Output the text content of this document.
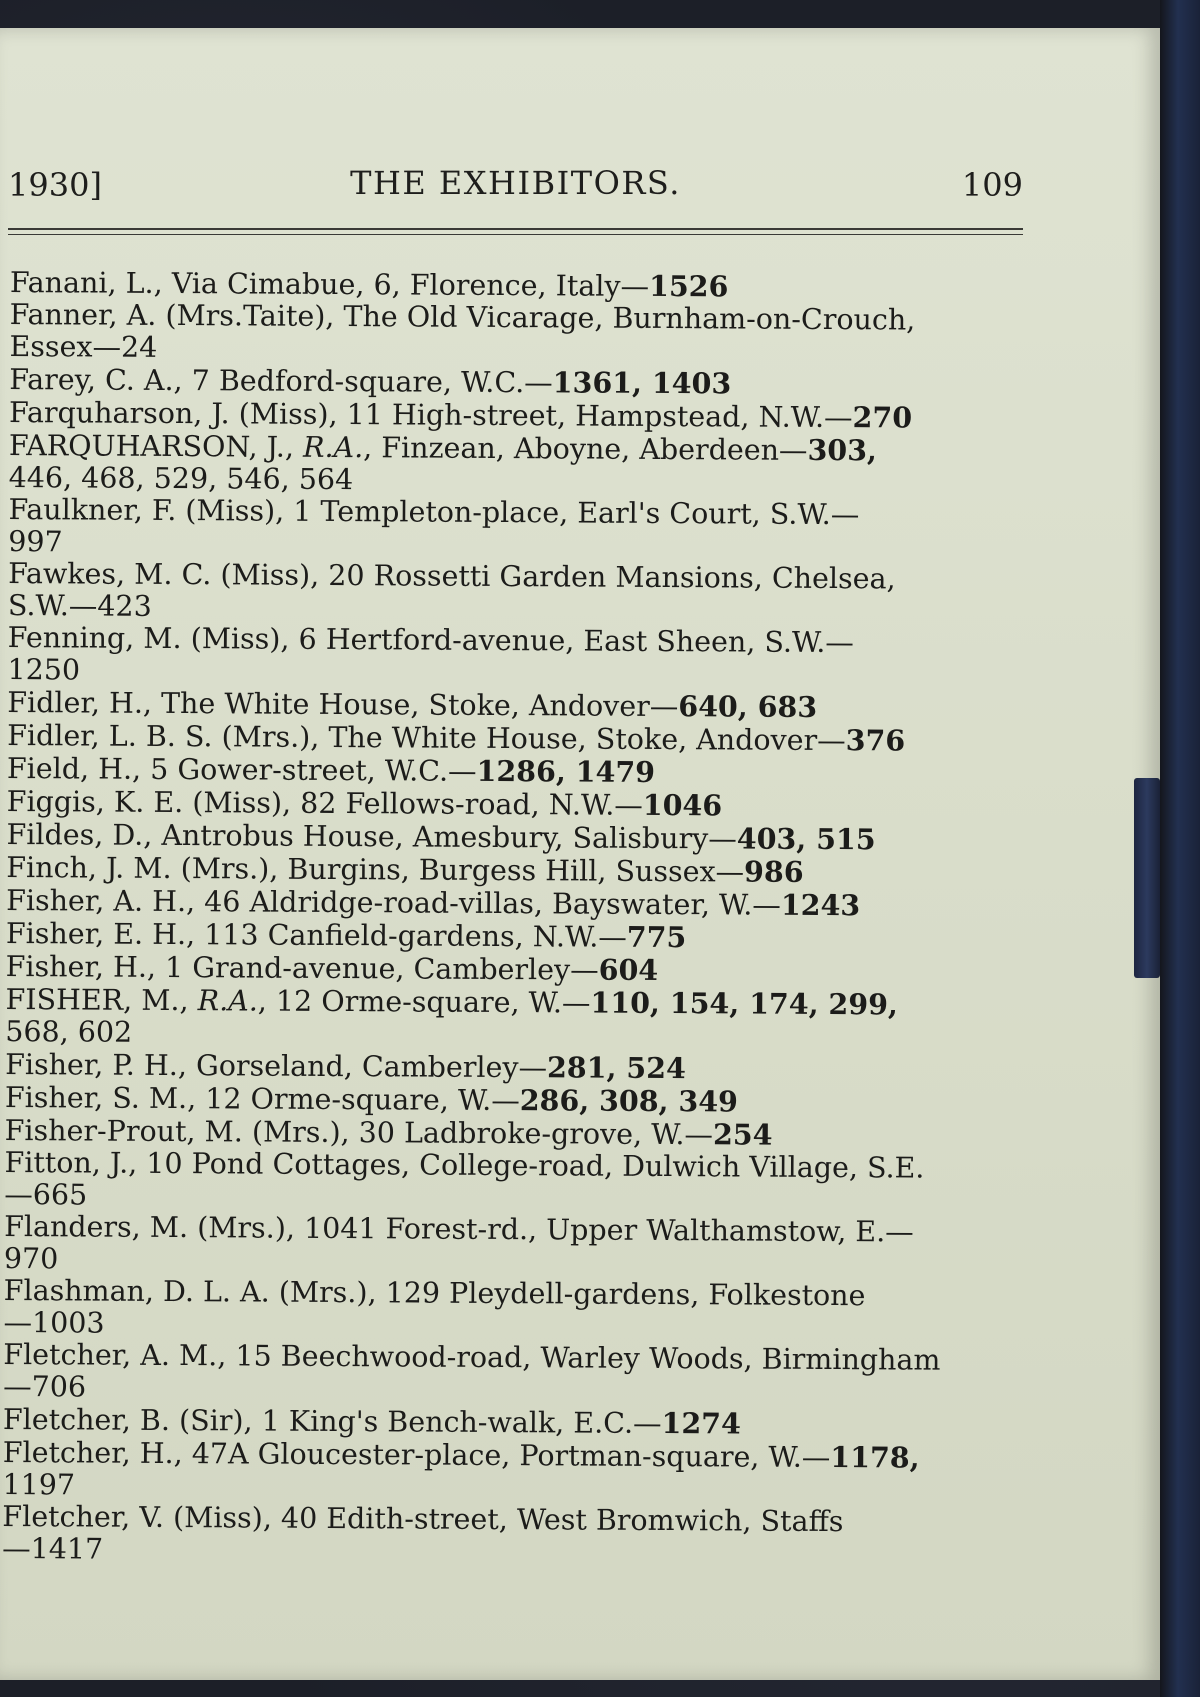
1930]	THE EXHIBITORS.	109

Fanani, L., Via Cimabue, 6, Florence, Italy—1526

Fanner, A. (Mrs.Taite), The Old Vicarage, Burnham-on-Crouch,
Essex—24

Farey, C. A., 7 Bedford-square, W.C.—1361, 1403

Farquharson, J. (Miss), 11 High-street, Hampstead, N.W.—270

FARQUHARSON, J., R.A., Finzean, Aboyne, Aberdeen—303,
446, 468, 529, 546, 564

Faulkner, F. (Miss), 1 Templeton-place, Earl's Court, S.W.—
997

Fawkes, M. C. (Miss), 20 Rossetti Garden Mansions, Chelsea,
S.W.—423

Fenning, M. (Miss), 6 Hertford-avenue, East Sheen, S.W.—
1250

Fidler, H., The White House, Stoke, Andover—640, 683

Fidler, L. B. S. (Mrs.), The White House, Stoke, Andover—376

Field, H., 5 Gower-street, W.C.—1286, 1479

Figgis, K. E. (Miss), 82 Fellows-road, N.W.—1046

Fildes, D., Antrobus House, Amesbury, Salisbury—403, 515

Finch, J. M. (Mrs.), Burgins, Burgess Hill, Sussex—986

Fisher, A. H., 46 Aldridge-road-villas, Bayswater, W.—1243

Fisher, E. H., 113 Canfield-gardens, N.W.—775

Fisher, H., 1 Grand-avenue, Camberley—604

FISHER, M., R.A., 12 Orme-square, W.—110, 154, 174, 299,
568, 602

Fisher, P. H., Gorseland, Camberley—281, 524

Fisher, S. M., 12 Orme-square, W.—286, 308, 349

Fisher-Prout, M. (Mrs.), 30 Ladbroke-grove, W.—254

Fitton, J., 10 Pond Cottages, College-road, Dulwich Village, S.E.
—665

Flanders, M. (Mrs.), 1041 Forest-rd., Upper Walthamstow, E.—
970

Flashman, D. L. A. (Mrs.), 129 Pleydell-gardens, Folkestone
—1003

Fletcher, A. M., 15 Beechwood-road, Warley Woods, Birmingham
—706

Fletcher, B. (Sir), 1 King's Bench-walk, E.C.—1274

Fletcher, H., 47A Gloucester-place, Portman-square, W.—1178,
1197

Fletcher, V. (Miss), 40 Edith-street, West Bromwich, Staffs
—1417
